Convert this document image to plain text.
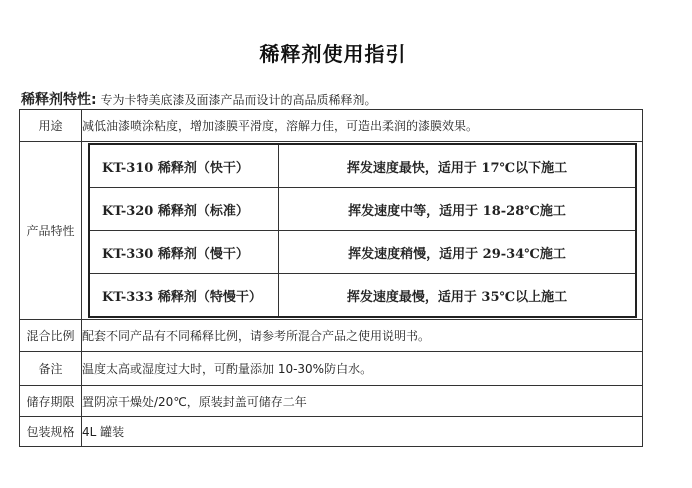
稀释剂使用指引
稀释剂特性: 专为卡特美底漆及面漆产品而设计的高品质稀释剂。
用途	减低油漆喷涂粘度，增加漆膜平滑度，溶解力佳，可造出柔润的漆膜效果。
产品特性	
KT-310 稀释剂（快干）	挥发速度最快，适用于 17℃以下施工
KT-320 稀释剂（标准）	挥发速度中等，适用于 18-28℃施工
KT-330 稀释剂（慢干）	挥发速度稍慢，适用于 29-34℃施工
KT-333 稀释剂（特慢干）	挥发速度最慢，适用于 35℃以上施工

混合比例	配套不同产品有不同稀释比例，请参考所混合产品之使用说明书。
备注	温度太高或湿度过大时，可酌量添加 10-30%防白水。
储存期限	置阴凉干燥处/20℃，原装封盖可储存二年
包装规格	4L 罐装
